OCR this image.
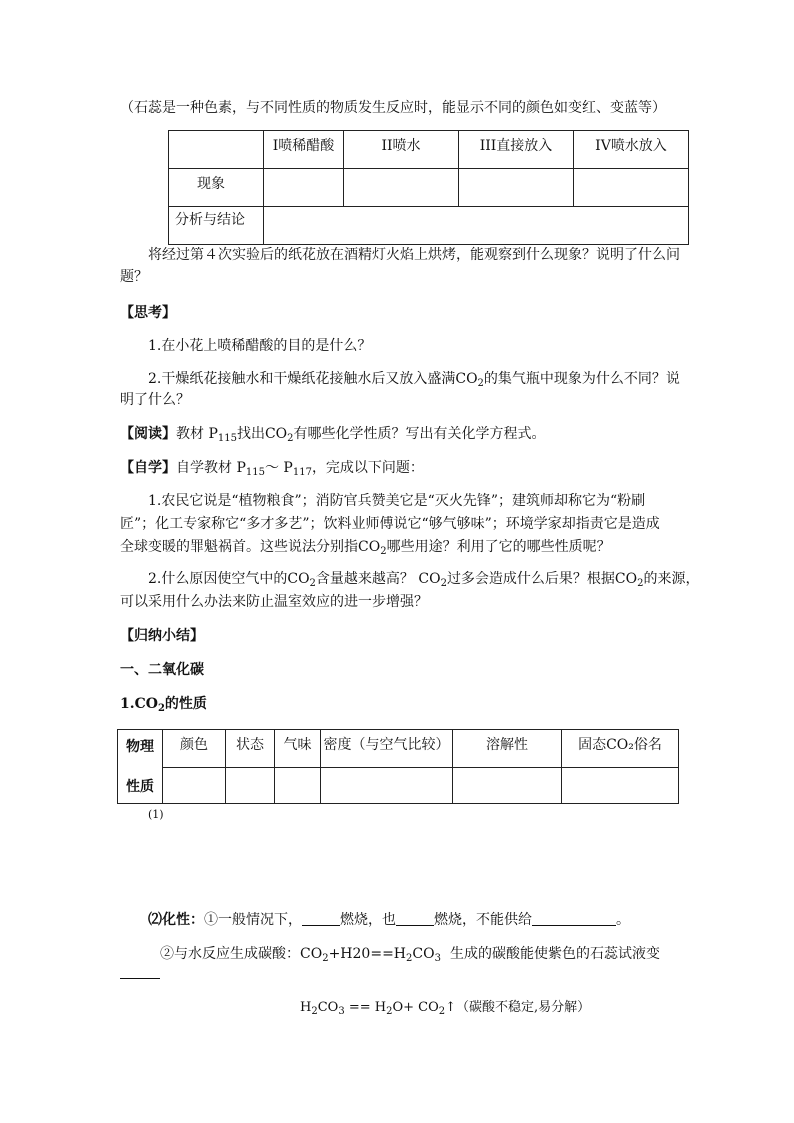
（石蕊是一种色素，与不同性质的物质发生反应时，能显示不同的颜色如变红、变蓝等）
	I喷稀醋酸	II喷水	III直接放入	IV喷水放入
现象				
分析与结论				
将经过第４次实验后的纸花放在酒精灯火焰上烘烤，能观察到什么现象？说明了什么问
题？
【思考】
1.在小花上喷稀醋酸的目的是什么？
2.干燥纸花接触水和干燥纸花接触水后又放入盛满$CO_2$的集气瓶中现象为什么不同？说
明了什么？
【阅读】教材 $P_{115}$找出$CO_2$有哪些化学性质？写出有关化学方程式。
【自学】自学教材 $P_{115}\sim$ $P_{117}$，完成以下问题：
1.农民它说是“植物粮食”；消防官兵赞美它是“灭火先锋”；建筑师却称它为“粉刷
匠”；化工专家称它“多才多艺”；饮料业师傅说它“够气够味”；环境学家却指责它是造成
全球变暖的罪魁祸首。这些说法分别指$CO_2$哪些用途？利用了它的哪些性质呢？
2.什么原因使空气中的$CO_2$含量越来越高？ $CO_2$过多会造成什么后果？根据$CO_2$的来源，
可以采用什么办法来防止温室效应的进一步增强？
【归纳小结】
一、二氧化碳
$1.CO_2$的性质
物理
性质	颜色	状态	气味	密度（与空气比较）	溶解性	固态CO₂俗名

(1)
⑵化性：①一般情况下，	燃烧，也	燃烧，不能供给	。
②与水反应生成碳酸：$CO_2+H20==H_2CO_3$ 生成的碳酸能使紫色的石蕊试液变
$H_2CO_3 == H_2O+$ $CO_2↑$（碳酸不稳定,易分解）
